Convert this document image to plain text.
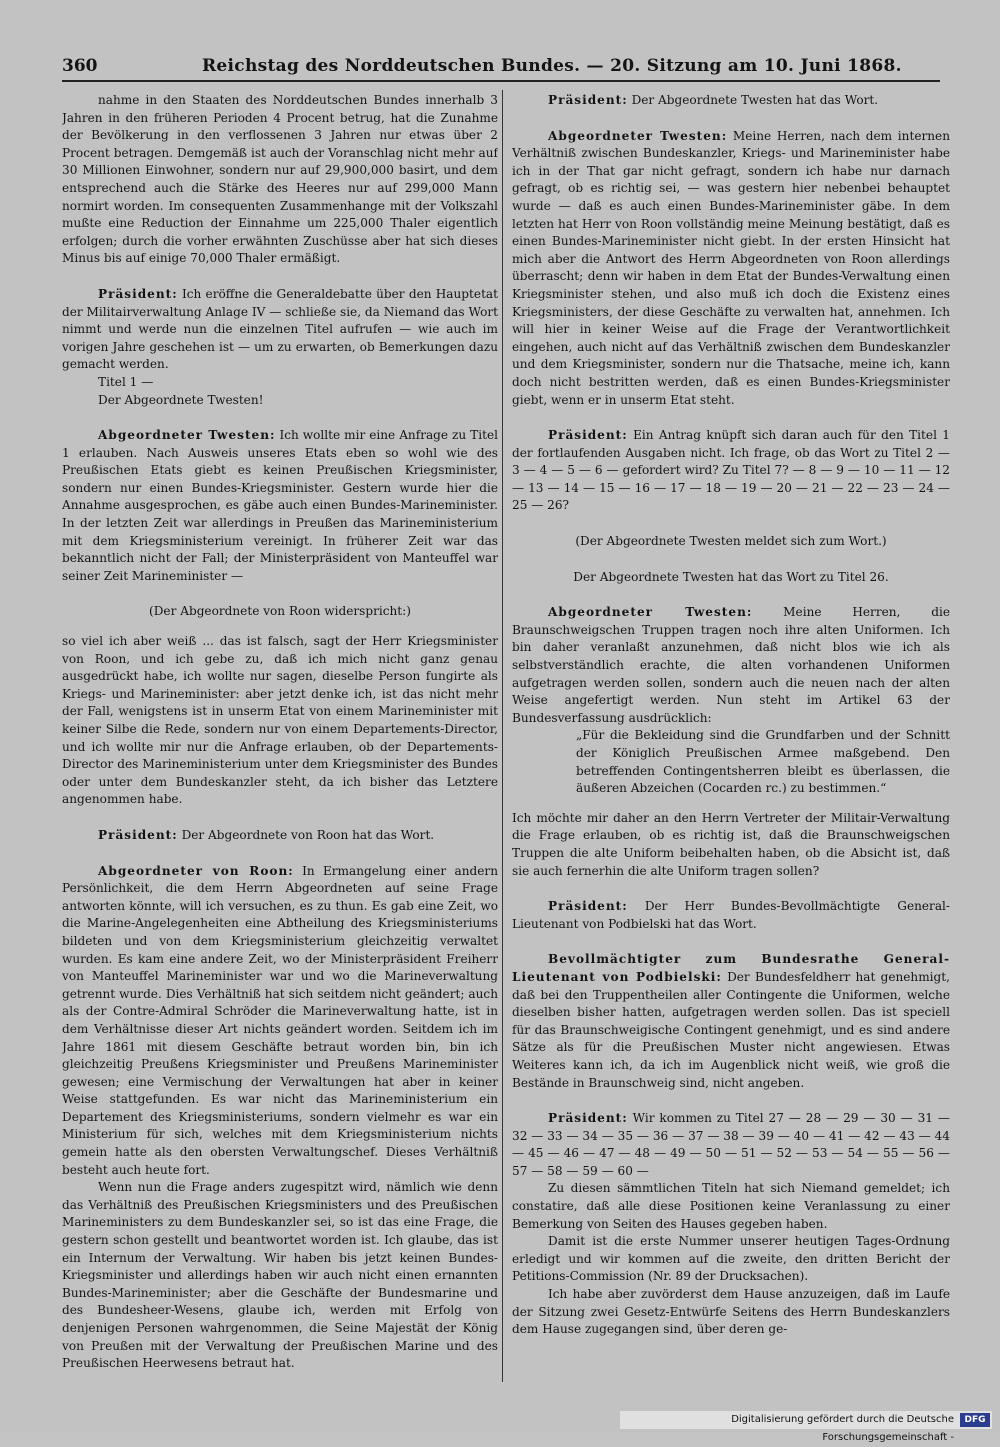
360	Reichstag des Norddeutschen Bundes. — 20. Sitzung am 10. Juni 1868.

nahme in den Staaten des Norddeutschen Bundes innerhalb 3 Jahren in den früheren Perioden 4 Procent betrug, hat die Zunahme der Bevölkerung in den verflossenen 3 Jahren nur etwas über 2 Procent betragen. Demgemäß ist auch der Voranschlag nicht mehr auf 30 Millionen Einwohner, sondern nur auf 29,900,000 basirt, und dem entsprechend auch die Stärke des Heeres nur auf 299,000 Mann normirt worden. Im consequenten Zusammenhange mit der Volkszahl mußte eine Reduction der Einnahme um 225,000 Thaler eigentlich erfolgen; durch die vorher erwähnten Zuschüsse aber hat sich dieses Minus bis auf einige 70,000 Thaler ermäßigt.

Präsident: Ich eröffne die Generaldebatte über den Hauptetat der Militairverwaltung Anlage IV — schließe sie, da Niemand das Wort nimmt und werde nun die einzelnen Titel aufrufen — wie auch im vorigen Jahre geschehen ist — um zu erwarten, ob Bemerkungen dazu gemacht werden.

Titel 1 —

Der Abgeordnete Twesten!

Abgeordneter Twesten: Ich wollte mir eine Anfrage zu Titel 1 erlauben. Nach Ausweis unseres Etats eben so wohl wie des Preußischen Etats giebt es keinen Preußischen Kriegsminister, sondern nur einen Bundes-Kriegsminister. Gestern wurde hier die Annahme ausgesprochen, es gäbe auch einen Bundes-Marineminister. In der letzten Zeit war allerdings in Preußen das Marineministerium mit dem Kriegsministerium vereinigt. In früherer Zeit war das bekanntlich nicht der Fall; der Ministerpräsident von Manteuffel war seiner Zeit Marineminister —

(Der Abgeordnete von Roon widerspricht:)

so viel ich aber weiß ... das ist falsch, sagt der Herr Kriegsminister von Roon, und ich gebe zu, daß ich mich nicht ganz genau ausgedrückt habe, ich wollte nur sagen, dieselbe Person fungirte als Kriegs- und Marineminister: aber jetzt denke ich, ist das nicht mehr der Fall, wenigstens ist in unserm Etat von einem Marineminister mit keiner Silbe die Rede, sondern nur von einem Departements-Director, und ich wollte mir nur die Anfrage erlauben, ob der Departements-Director des Marineministerium unter dem Kriegsminister des Bundes oder unter dem Bundeskanzler steht, da ich bisher das Letztere angenommen habe.

Präsident: Der Abgeordnete von Roon hat das Wort.

Abgeordneter von Roon: In Ermangelung einer andern Persönlichkeit, die dem Herrn Abgeordneten auf seine Frage antworten könnte, will ich versuchen, es zu thun. Es gab eine Zeit, wo die Marine-Angelegenheiten eine Abtheilung des Kriegsministeriums bildeten und von dem Kriegsministerium gleichzeitig verwaltet wurden. Es kam eine andere Zeit, wo der Ministerpräsident Freiherr von Manteuffel Marineminister war und wo die Marineverwaltung getrennt wurde. Dies Verhältniß hat sich seitdem nicht geändert; auch als der Contre-Admiral Schröder die Marineverwaltung hatte, ist in dem Verhältnisse dieser Art nichts geändert worden. Seitdem ich im Jahre 1861 mit diesem Geschäfte betraut worden bin, bin ich gleichzeitig Preußens Kriegsminister und Preußens Marineminister gewesen; eine Vermischung der Verwaltungen hat aber in keiner Weise stattgefunden. Es war nicht das Marineministerium ein Departement des Kriegsministeriums, sondern vielmehr es war ein Ministerium für sich, welches mit dem Kriegsministerium nichts gemein hatte als den obersten Verwaltungschef. Dieses Verhältniß besteht auch heute fort.

Wenn nun die Frage anders zugespitzt wird, nämlich wie denn das Verhältniß des Preußischen Kriegsministers und des Preußischen Marineministers zu dem Bundeskanzler sei, so ist das eine Frage, die gestern schon gestellt und beantwortet worden ist. Ich glaube, das ist ein Internum der Verwaltung. Wir haben bis jetzt keinen Bundes-Kriegsminister und allerdings haben wir auch nicht einen ernannten Bundes-Marineminister; aber die Geschäfte der Bundesmarine und des Bundesheer-Wesens, glaube ich, werden mit Erfolg von denjenigen Personen wahrgenommen, die Seine Majestät der König von Preußen mit der Verwaltung der Preußischen Marine und des Preußischen Heerwesens betraut hat.

Präsident: Der Abgeordnete Twesten hat das Wort.

Abgeordneter Twesten: Meine Herren, nach dem internen Verhältniß zwischen Bundeskanzler, Kriegs- und Marineminister habe ich in der That gar nicht gefragt, sondern ich habe nur darnach gefragt, ob es richtig sei, — was gestern hier nebenbei behauptet wurde — daß es auch einen Bundes-Marineminister gäbe. In dem letzten hat Herr von Roon vollständig meine Meinung bestätigt, daß es einen Bundes-Marineminister nicht giebt. In der ersten Hinsicht hat mich aber die Antwort des Herrn Abgeordneten von Roon allerdings überrascht; denn wir haben in dem Etat der Bundes-Verwaltung einen Kriegsminister stehen, und also muß ich doch die Existenz eines Kriegsministers, der diese Geschäfte zu verwalten hat, annehmen. Ich will hier in keiner Weise auf die Frage der Verantwortlichkeit eingehen, auch nicht auf das Verhältniß zwischen dem Bundeskanzler und dem Kriegsminister, sondern nur die Thatsache, meine ich, kann doch nicht bestritten werden, daß es einen Bundes-Kriegsminister giebt, wenn er in unserm Etat steht.

Präsident: Ein Antrag knüpft sich daran auch für den Titel 1 der fortlaufenden Ausgaben nicht. Ich frage, ob das Wort zu Titel 2 — 3 — 4 — 5 — 6 — gefordert wird? Zu Titel 7? — 8 — 9 — 10 — 11 — 12 — 13 — 14 — 15 — 16 — 17 — 18 — 19 — 20 — 21 — 22 — 23 — 24 — 25 — 26?

(Der Abgeordnete Twesten meldet sich zum Wort.)

Der Abgeordnete Twesten hat das Wort zu Titel 26.

Abgeordneter Twesten:	Meine Herren, die Braunschweigschen Truppen tragen noch ihre alten Uniformen. Ich bin daher veranlaßt anzunehmen, daß nicht blos wie ich als selbstverständlich erachte, die alten vorhandenen Uniformen aufgetragen werden sollen, sondern auch die neuen nach der alten Weise angefertigt werden. Nun steht im Artikel 63 der Bundesverfassung ausdrücklich:

„Für die Bekleidung sind die Grundfarben und der Schnitt der Königlich Preußischen Armee maßgebend. Den betreffenden Contingentsherren bleibt es überlassen, die äußeren Abzeichen (Cocarden rc.) zu bestimmen.“

Ich möchte mir daher an den Herrn Vertreter der Militair-Verwaltung die Frage erlauben, ob es richtig ist, daß die Braunschweigschen Truppen die alte Uniform beibehalten haben, ob die Absicht ist, daß sie auch fernerhin die alte Uniform tragen sollen?

Präsident: Der Herr Bundes-Bevollmächtigte General-Lieutenant von Podbielski hat das Wort.

Bevollmächtigter zum Bundesrathe General-Lieutenant von Podbielski: Der Bundesfeldherr hat genehmigt, daß bei den Truppentheilen aller Contingente die Uniformen, welche dieselben bisher hatten, aufgetragen werden sollen. Das ist speciell für das Braunschweigische Contingent genehmigt, und es sind andere Sätze als für die Preußischen Muster nicht angewiesen. Etwas Weiteres kann ich, da ich im Augenblick nicht weiß, wie groß die Bestände in Braunschweig sind, nicht angeben.

Präsident: Wir kommen zu Titel 27 — 28 — 29 — 30 — 31 — 32 — 33 — 34 — 35 — 36 — 37 — 38 — 39 — 40 — 41 — 42 — 43 — 44 — 45 — 46 — 47 — 48 — 49 — 50 — 51 — 52 — 53 — 54 — 55 — 56 — 57 — 58 — 59 — 60 —

Zu diesen sämmtlichen Titeln hat sich Niemand gemeldet; ich constatire, daß alle diese Positionen keine Veranlassung zu einer Bemerkung von Seiten des Hauses gegeben haben.

Damit ist die erste Nummer unserer heutigen Tages-Ordnung erledigt und wir kommen auf die zweite, den dritten Bericht der Petitions-Commission (Nr. 89 der Drucksachen).

Ich habe aber zuvörderst dem Hause anzuzeigen, daß im Laufe der Sitzung zwei Gesetz-Entwürfe Seitens des Herrn Bundeskanzlers dem Hause zugegangen sind, über deren ge-

Digitalisierung gefördert durch die Deutsche Forschungsgemeinschaft -
DFG
